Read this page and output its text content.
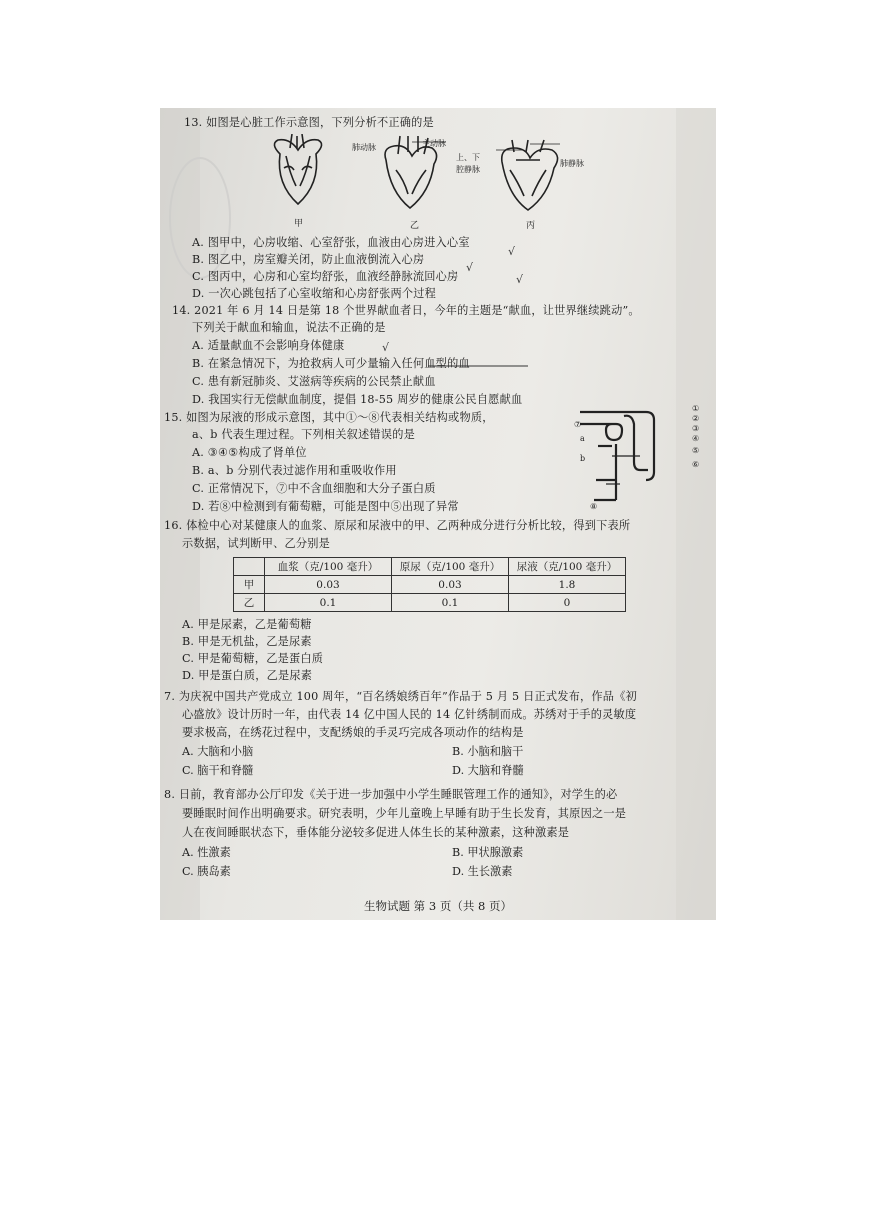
13. 如图是心脏工作示意图，下列分析不正确的是
肺动脉	主动脉
上、下
腔静脉
肺静脉
甲	乙	丙
A. 图甲中，心房收缩、心室舒张，血液由心房进入心室
B. 图乙中，房室瓣关闭，防止血液倒流入心房
C. 图丙中，心房和心室均舒张，血液经静脉流回心房
D. 一次心跳包括了心室收缩和心房舒张两个过程
√
√
√
14. 2021 年 6 月 14 日是第 18 个世界献血者日，今年的主题是“献血，让世界继续跳动”。
下列关于献血和输血，说法不正确的是
A. 适量献血不会影响身体健康
B. 在紧急情况下，为抢救病人可少量输入任何血型的血
C. 患有新冠肺炎、艾滋病等疾病的公民禁止献血
D. 我国实行无偿献血制度，提倡 18-55 周岁的健康公民自愿献血
√
15. 如图为尿液的形成示意图，其中①～⑧代表相关结构或物质，
a、b 代表生理过程。下列相关叙述错误的是
A. ③④⑤构成了肾单位
B. a、b 分别代表过滤作用和重吸收作用
C. 正常情况下，⑦中不含血细胞和大分子蛋白质
D. 若⑧中检测到有葡萄糖，可能是图中⑤出现了异常
①
②
③
④
⑤
⑥
⑦
⑧
a
b
16. 体检中心对某健康人的血浆、原尿和尿液中的甲、乙两种成分进行分析比较，得到下表所
示数据，试判断甲、乙分别是
	血浆（克/100 毫升）	原尿（克/100 毫升）	尿液（克/100 毫升）
甲	0.03	0.03	1.8
乙	0.1	0.1	0
A. 甲是尿素，乙是葡萄糖
B. 甲是无机盐，乙是尿素
C. 甲是葡萄糖，乙是蛋白质
D. 甲是蛋白质，乙是尿素
7. 为庆祝中国共产党成立 100 周年，“百名绣娘绣百年”作品于 5 月 5 日正式发布，作品《初
心盛放》设计历时一年，由代表 14 亿中国人民的 14 亿针绣制而成。苏绣对于手的灵敏度
要求极高，在绣花过程中，支配绣娘的手灵巧完成各项动作的结构是
A. 大脑和小脑	B. 小脑和脑干
C. 脑干和脊髓	D. 大脑和脊髓
8. 日前，教育部办公厅印发《关于进一步加强中小学生睡眠管理工作的通知》，对学生的必
要睡眠时间作出明确要求。研究表明，少年儿童晚上早睡有助于生长发育，其原因之一是
人在夜间睡眠状态下，垂体能分泌较多促进人体生长的某种激素，这种激素是
A. 性激素	B. 甲状腺激素
C. 胰岛素	D. 生长激素
生物试题 第 3 页（共 8 页）
